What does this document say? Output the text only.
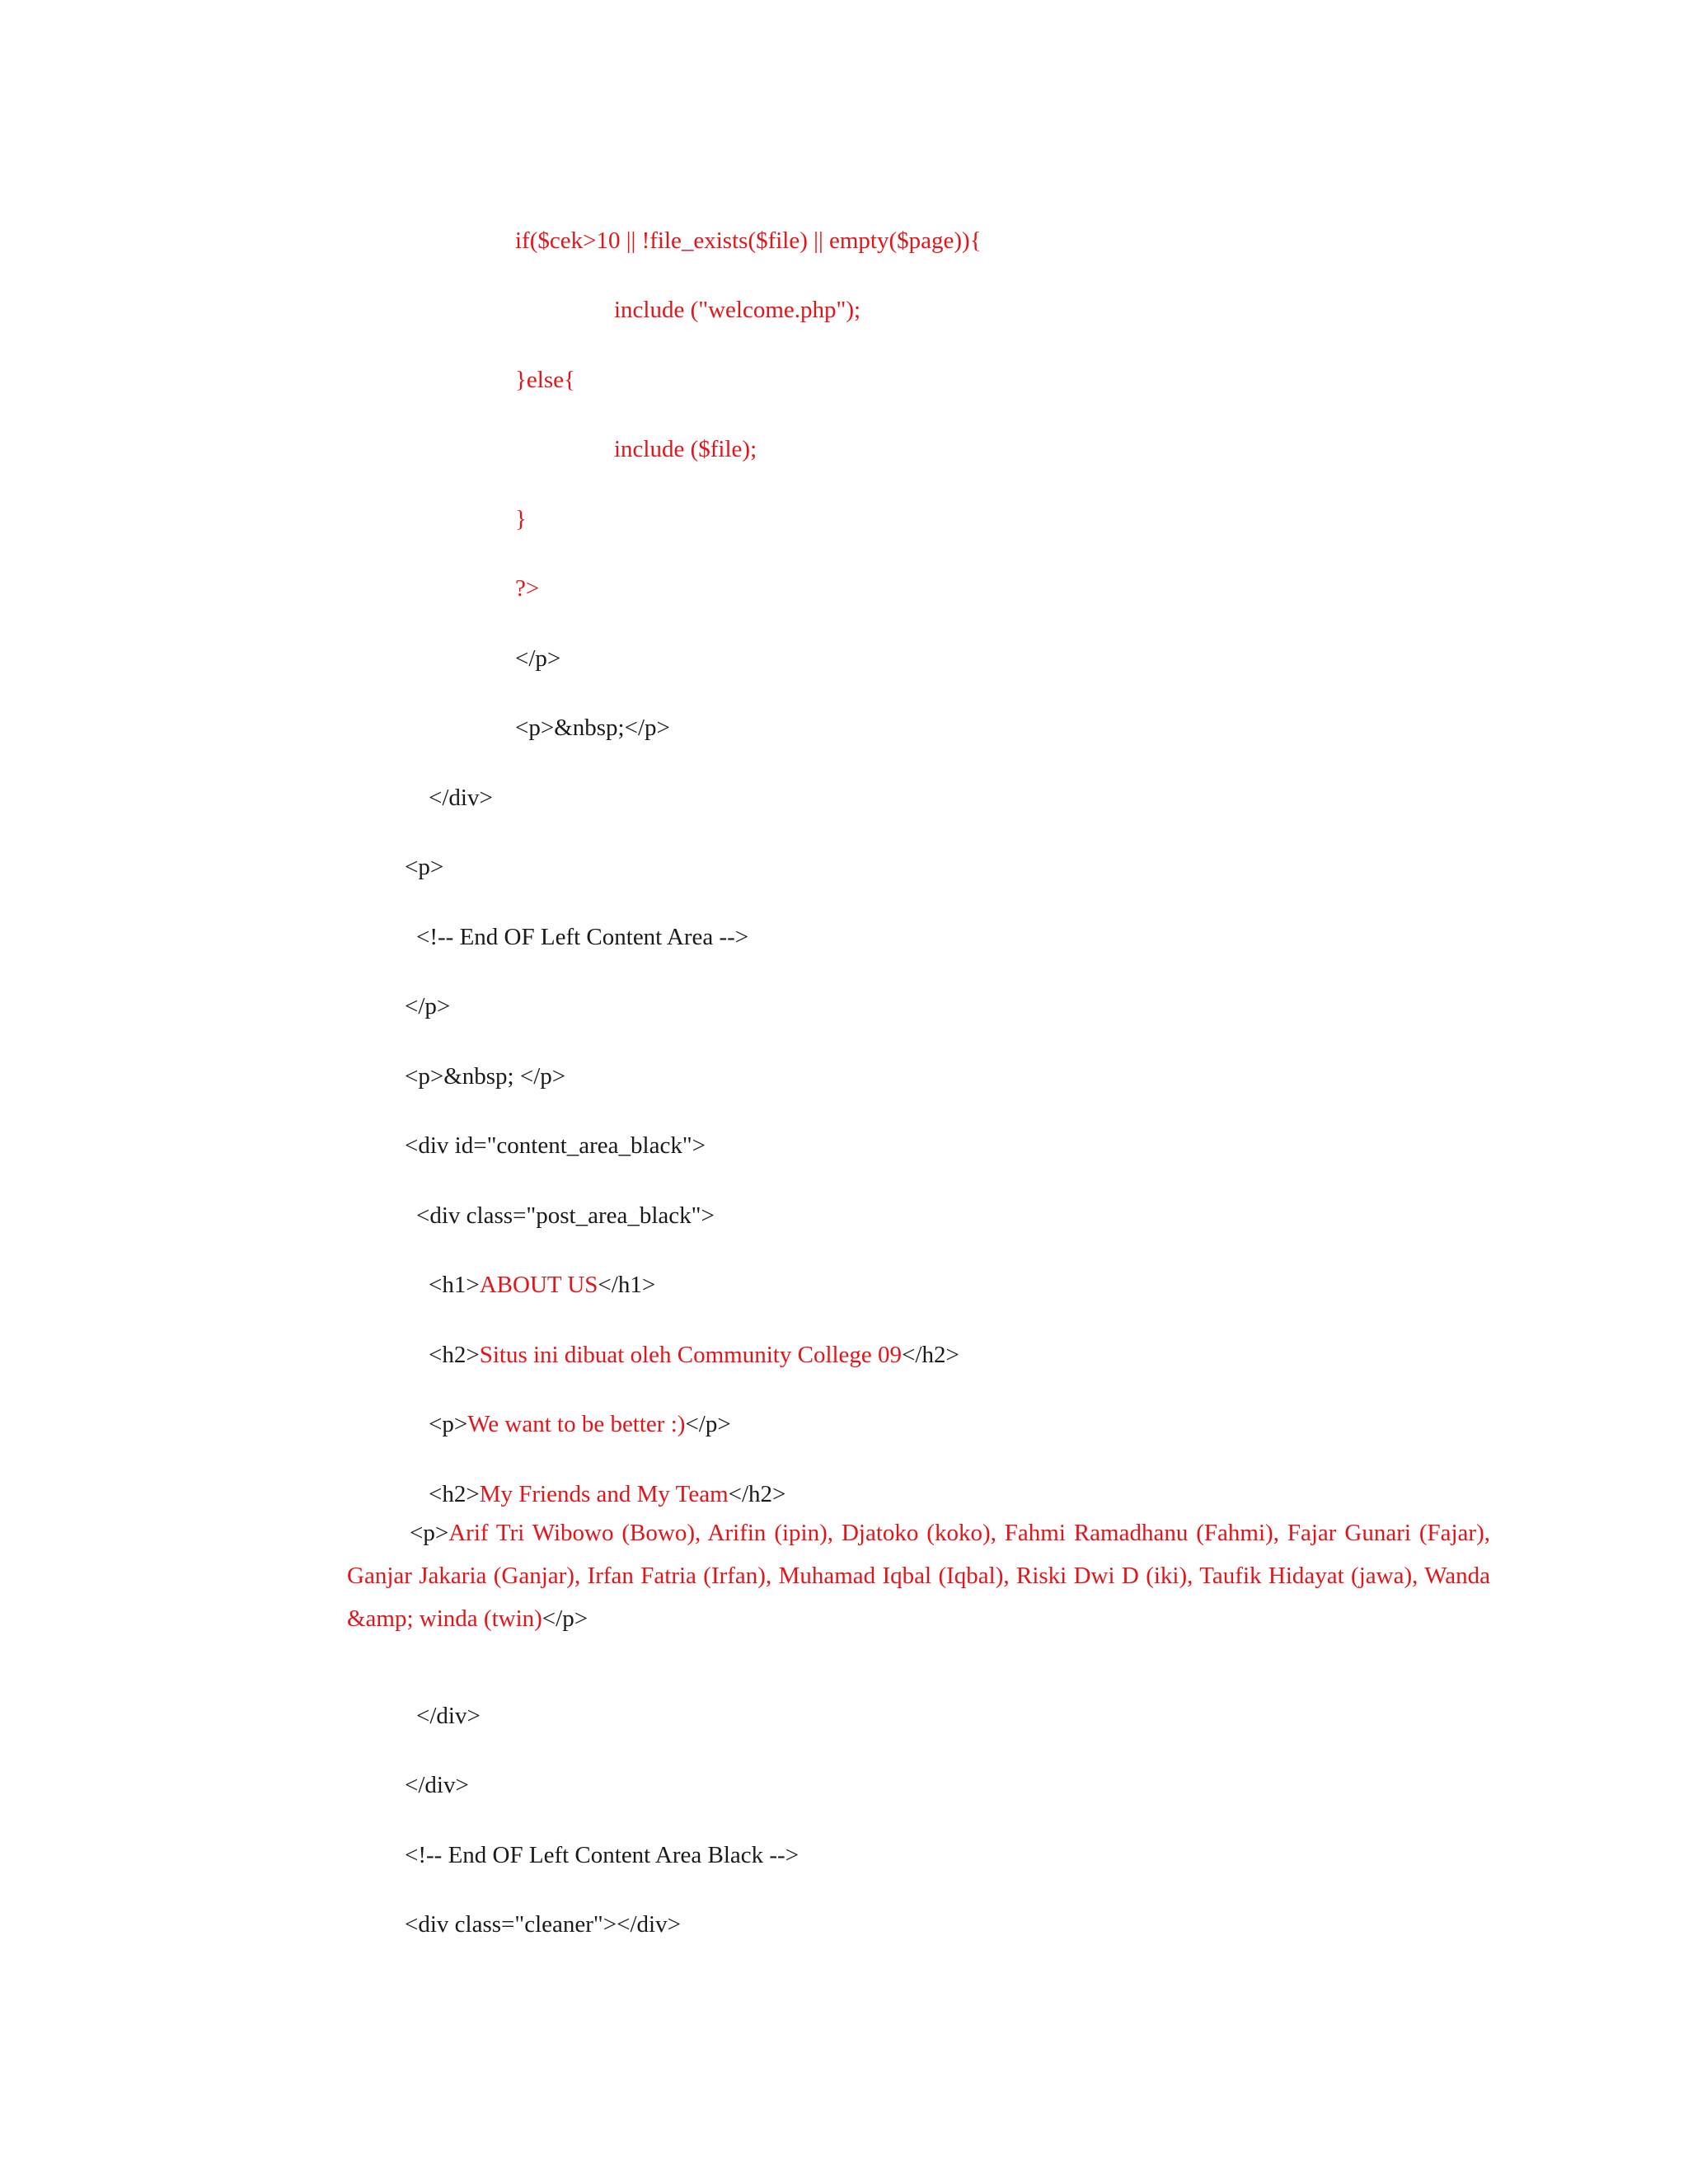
if($cek>10 || !file_exists($file) || empty($page)){

include ("welcome.php");

}else{

include ($file);

}

?>

</p>

<p>&nbsp;</p>

</div>

<p>

<!-- End OF Left Content Area -->

</p>

<p>&nbsp; </p>

<div id="content_area_black">

<div class="post_area_black">

<h1>ABOUT US</h1>

<h2>Situs ini dibuat oleh Community College 09</h2>

<p>We want to be better :)</p>

<h2>My Friends and My Team</h2>

<p>Arif Tri Wibowo (Bowo), Arifin (ipin), Djatoko (koko), Fahmi Ramadhanu (Fahmi), Fajar Gunari (Fajar), Ganjar Jakaria (Ganjar), Irfan Fatria (Irfan), Muhamad Iqbal (Iqbal), Riski Dwi D (iki), Taufik Hidayat (jawa), Wanda &amp; winda (twin)</p>

</div>

</div>

<!-- End OF Left Content Area Black -->

<div class="cleaner"></div>
